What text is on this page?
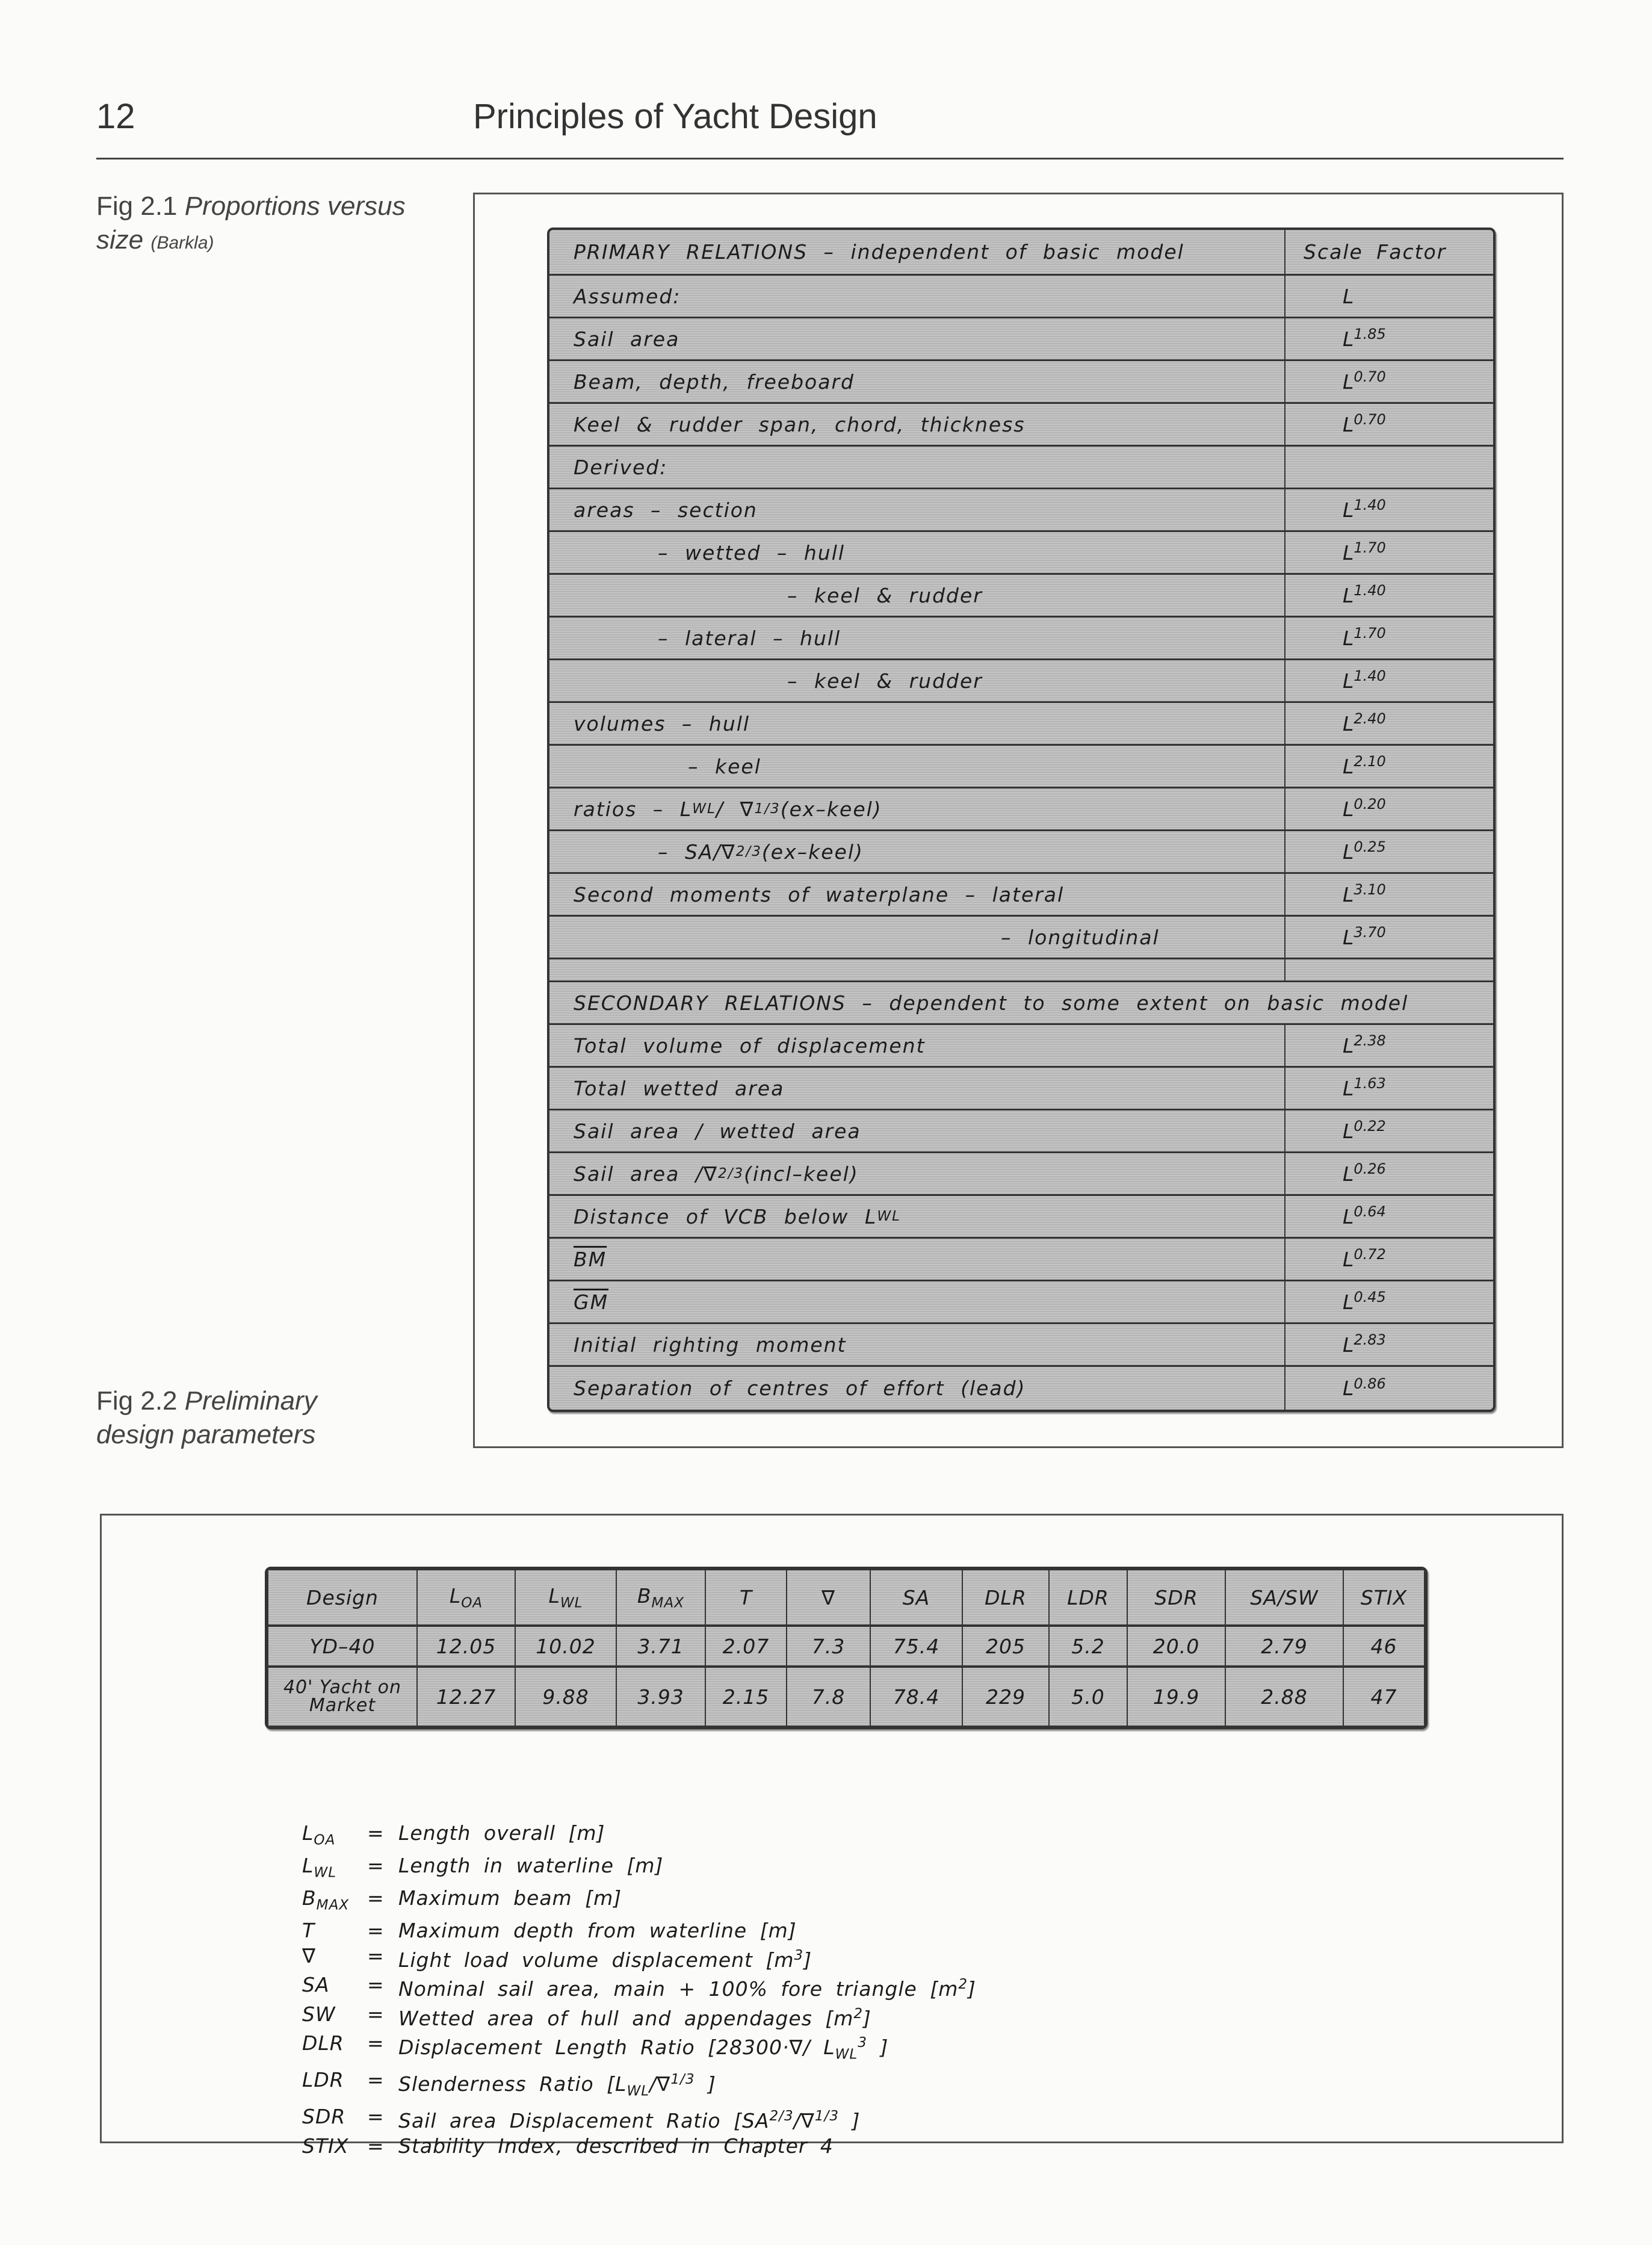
12	Principles of Yacht Design
Fig 2.1 Proportions versus size (Barkla)
Fig 2.2 Preliminary design parameters
PRIMARY RELATIONS – independent of basic model	Scale Factor
Assumed:	L
Sail area	$L^{1.85}$
Beam, depth, freeboard	$L^{0.70}$
Keel & rudder span, chord, thickness	$L^{0.70}$
Derived:
areas – section	$L^{1.40}$
– wetted – hull	$L^{1.70}$
– keel & rudder	$L^{1.40}$
– lateral – hull	$L^{1.70}$
– keel & rudder	$L^{1.40}$
volumes – hull	$L^{2.40}$
– keel	$L^{2.10}$
ratios – L WL / ∇ 1/3 (ex–keel)	$L^{0.20}$
– SA/∇ 2/3 (ex–keel)	$L^{0.25}$
Second moments of waterplane – lateral	$L^{3.10}$
– longitudinal	$L^{3.70}$
SECONDARY RELATIONS – dependent to some extent on basic model
Total volume of displacement	$L^{2.38}$
Total wetted area	$L^{1.63}$
Sail area / wetted area	$L^{0.22}$
Sail area /∇ 2/3 (incl–keel)	$L^{0.26}$
Distance of VCB below L WL	$L^{0.64}$
$\overline{BM}$	$L^{0.72}$
$\overline{GM}$	$L^{0.45}$
Initial righting moment	$L^{2.83}$
Separation of centres of effort (lead)	$L^{0.86}$
Design	$L_{OA}$	$L_{WL}$	$B_{MAX}$	T	∇	SA	DLR	LDR	SDR	SA/SW	STIX
YD–40	12.05	10.02	3.71	2.07	7.3	75.4	205	5.2	20.0	2.79	46
40' Yacht on Market	12.27	9.88	3.93	2.15	7.8	78.4	229	5.0	19.9	2.88	47
$L_{OA}$	= Length overall [m]
$L_{WL}$	= Length in waterline [m]
$B_{MAX}$ = Maximum beam [m]
T	= Maximum depth from waterline [m]
∇	= Light load volume displacement $[m^3]$
SA	= Nominal sail area, main + 100% fore triangle $[m^2]$
SW	= Wetted area of hull and appendages $[m^2]$
DLR	= Displacement Length Ratio [28300·∇/ $L_{WL}^3$ ]
LDR	= Slenderness Ratio [$L_{WL}/\nabla^{1/3}$ ]
SDR	= Sail area Displacement Ratio [$SA^{2/3}/\nabla^{1/3}$ ]
STIX = Stability Index, described in Chapter 4
